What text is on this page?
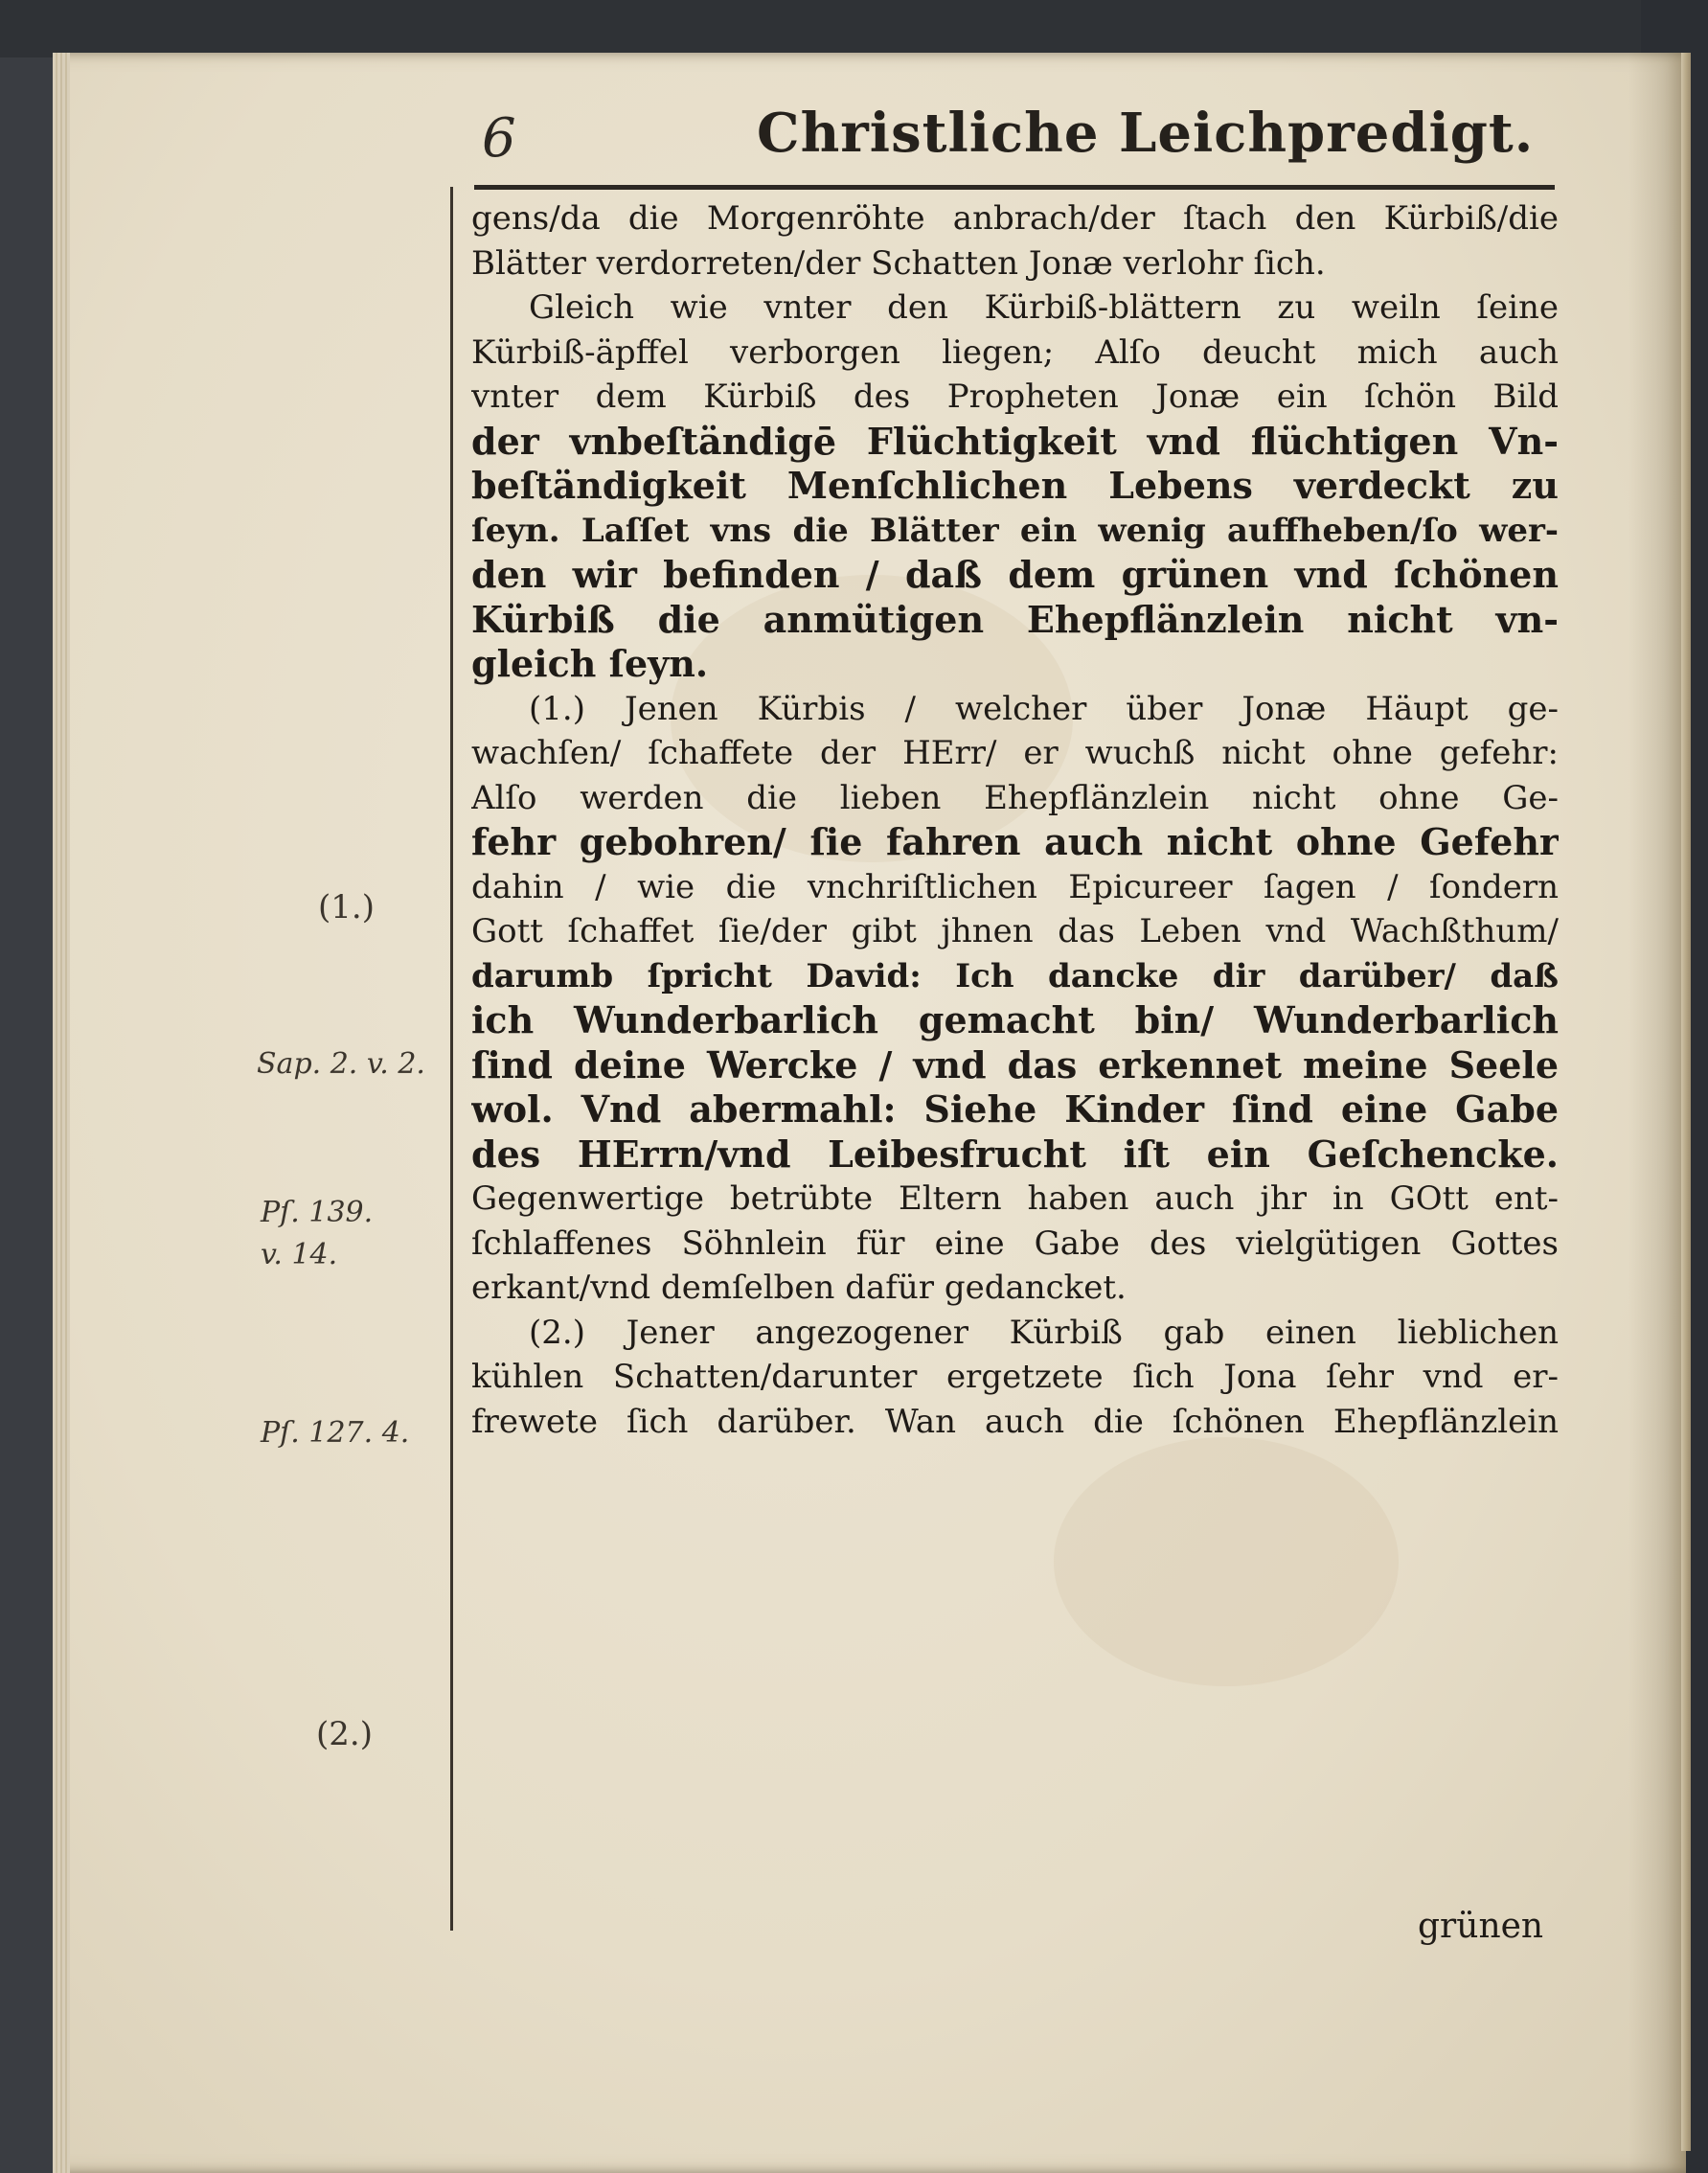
6	Christliche Leichpredigt.
(1.)
Sap. 2. v. 2.
Pſ. 139.
v. 14.
Pſ. 127. 4.
(2.)
gens/da die Morgenröhte anbrach/der ſtach den Kürbiß/die
Blätter verdorreten/der Schatten Jonæ verlohr ſich.
Gleich wie vnter den Kürbiß-blättern zu weiln ſeine
Kürbiß-äpffel verborgen liegen; Alſo deucht mich auch
vnter dem Kürbiß des Propheten Jonæ ein ſchön Bild
der vnbeſtändigē Flüchtigkeit vnd flüchtigen Vn-
beſtändigkeit Menſchlichen Lebens verdeckt zu
ſeyn. Laſſet vns die Blätter ein wenig auffheben/ſo wer-
den wir befinden / daß dem grünen vnd ſchönen
Kürbiß die anmütigen Ehepflänzlein nicht vn-
gleich ſeyn.
(1.) Jenen Kürbis / welcher über Jonæ Häupt ge-
wachſen/ ſchaffete der HErr/ er wuchß nicht ohne gefehr:
Alſo werden die lieben Ehepflänzlein nicht ohne Ge-
fehr gebohren/ ſie fahren auch nicht ohne Gefehr
dahin / wie die vnchriſtlichen Epicureer ſagen / ſondern
Gott ſchaffet ſie/der gibt jhnen das Leben vnd Wachßthum/
darumb ſpricht David: Ich dancke dir darüber/ daß
ich Wunderbarlich gemacht bin/ Wunderbarlich
ſind deine Wercke / vnd das erkennet meine Seele
wol. Vnd abermahl: Siehe Kinder ſind eine Gabe
des HErrn/vnd Leibesfrucht iſt ein Geſchencke.
Gegenwertige betrübte Eltern haben auch jhr in GOtt ent-
ſchlaffenes Söhnlein für eine Gabe des vielgütigen Gottes
erkant/vnd demſelben dafür gedancket.
(2.) Jener angezogener Kürbiß gab einen lieblichen
kühlen Schatten/darunter ergetzete ſich Jona ſehr vnd er-
frewete ſich darüber. Wan auch die ſchönen Ehepflänzlein
grünen
